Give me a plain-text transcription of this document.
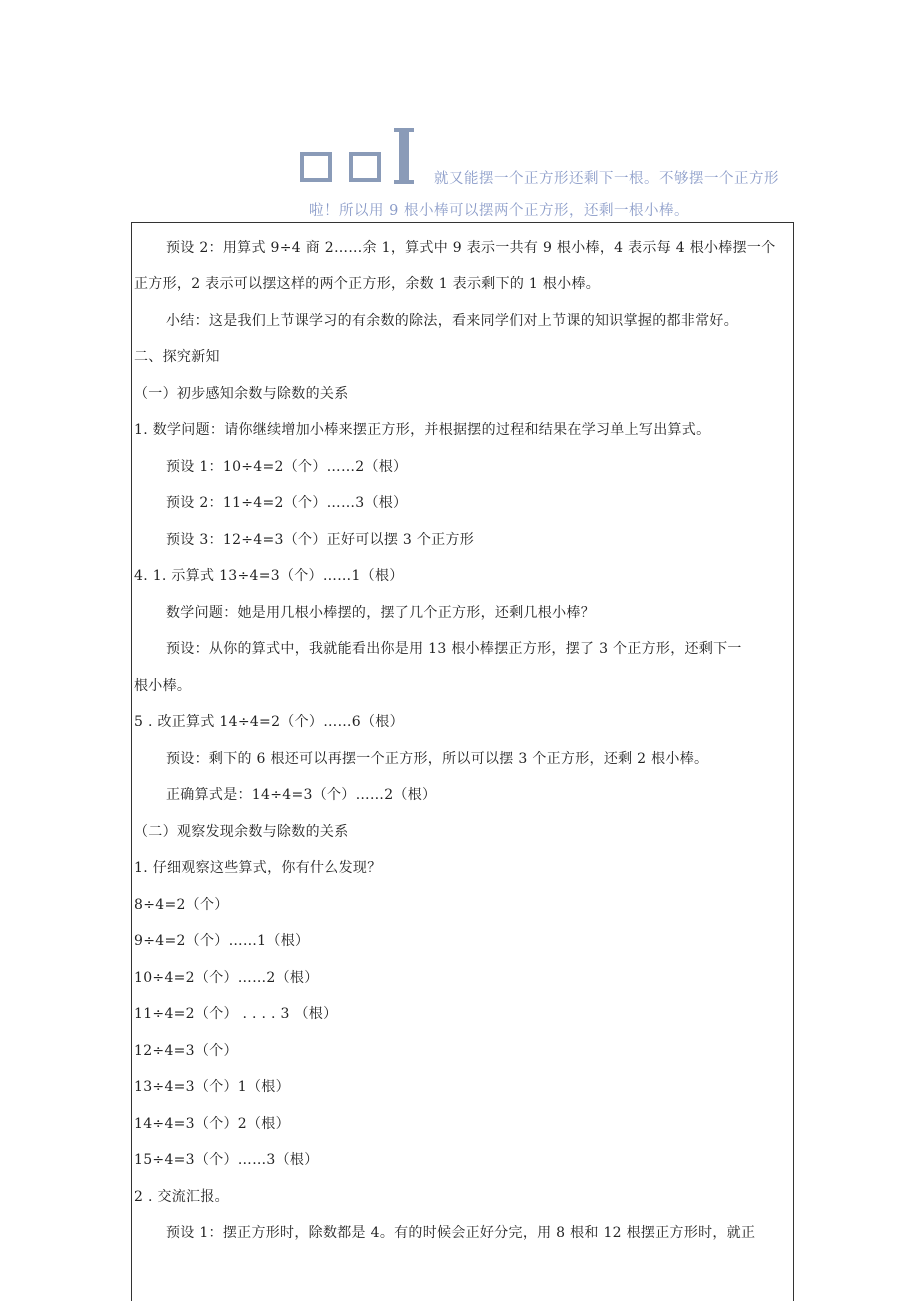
就又能摆一个正方形还剩下一根。不够摆一个正方形
啦！所以用 9 根小棒可以摆两个正方形，还剩一根小棒。
预设 2：用算式 9÷4 商 2……余 1，算式中 9 表示一共有 9 根小棒，4 表示每 4 根小棒摆一个
正方形，2 表示可以摆这样的两个正方形，余数 1 表示剩下的 1 根小棒。
小结：这是我们上节课学习的有余数的除法，看来同学们对上节课的知识掌握的都非常好。
二、探究新知
（一）初步感知余数与除数的关系
1. 数学问题：请你继续增加小棒来摆正方形，并根据摆的过程和结果在学习单上写出算式。
预设 1：10÷4=2（个）……2（根）
预设 2：11÷4=2（个）……3（根）
预设 3：12÷4=3（个）正好可以摆 3 个正方形
4. 1. 示算式 13÷4=3（个）……1（根）
数学问题：她是用几根小棒摆的，摆了几个正方形，还剩几根小棒？
预设：从你的算式中，我就能看出你是用 13 根小棒摆正方形，摆了 3 个正方形，还剩下一
根小棒。
5 . 改正算式 14÷4=2（个）……6（根）
预设：剩下的 6 根还可以再摆一个正方形，所以可以摆 3 个正方形，还剩 2 根小棒。
正确算式是：14÷4=3（个）……2（根）
（二）观察发现余数与除数的关系
1. 仔细观察这些算式，你有什么发现？
8÷4=2（个）
9÷4=2（个）……1（根）
10÷4=2（个）……2（根）
11÷4=2（个） . . . . 3 （根）
12÷4=3（个）
13÷4=3（个）1（根）
14÷4=3（个）2（根）
15÷4=3（个）……3（根）
2 . 交流汇报。
预设 1：摆正方形时，除数都是 4。有的时候会正好分完，用 8 根和 12 根摆正方形时，就正
